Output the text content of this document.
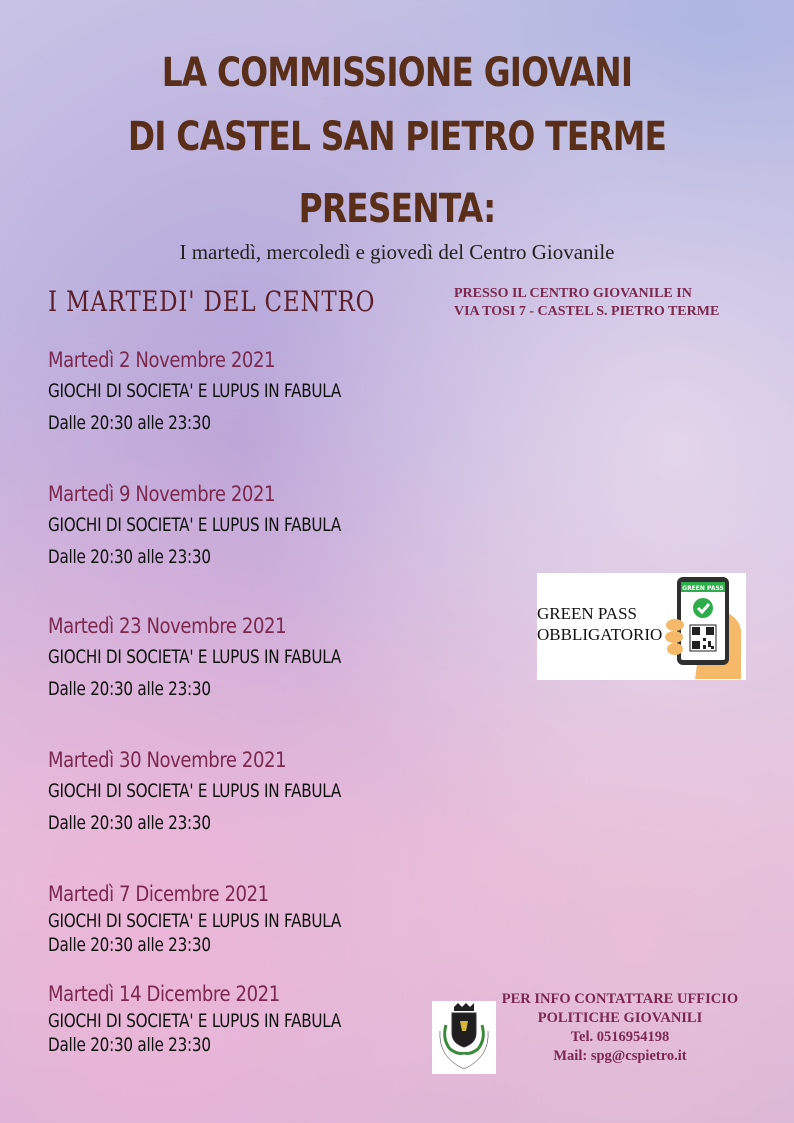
LA COMMISSIONE GIOVANI
DI CASTEL SAN PIETRO TERME
PRESENTA:
I martedì, mercoledì e giovedì del Centro Giovanile
I MARTEDI' DEL CENTRO	PRESSO IL CENTRO GIOVANILE IN
VIA TOSI 7 - CASTEL S. PIETRO TERME
Martedì 2 Novembre 2021
GIOCHI DI SOCIETA' E LUPUS IN FABULA
Dalle 20:30 alle 23:30
Martedì 9 Novembre 2021
GIOCHI DI SOCIETA' E LUPUS IN FABULA
Dalle 20:30 alle 23:30
Martedì 23 Novembre 2021
GIOCHI DI SOCIETA' E LUPUS IN FABULA
Dalle 20:30 alle 23:30
Martedì 30 Novembre 2021
GIOCHI DI SOCIETA' E LUPUS IN FABULA
Dalle 20:30 alle 23:30
Martedì 7 Dicembre 2021
GIOCHI DI SOCIETA' E LUPUS IN FABULA
Dalle 20:30 alle 23:30
Martedì 14 Dicembre 2021
GIOCHI DI SOCIETA' E LUPUS IN FABULA
Dalle 20:30 alle 23:30
GREEN PASS
OBBLIGATORIO
GREEN PASS
PER INFO CONTATTARE UFFICIO
POLITICHE GIOVANILI
Tel. 0516954198
Mail: spg@cspietro.it
